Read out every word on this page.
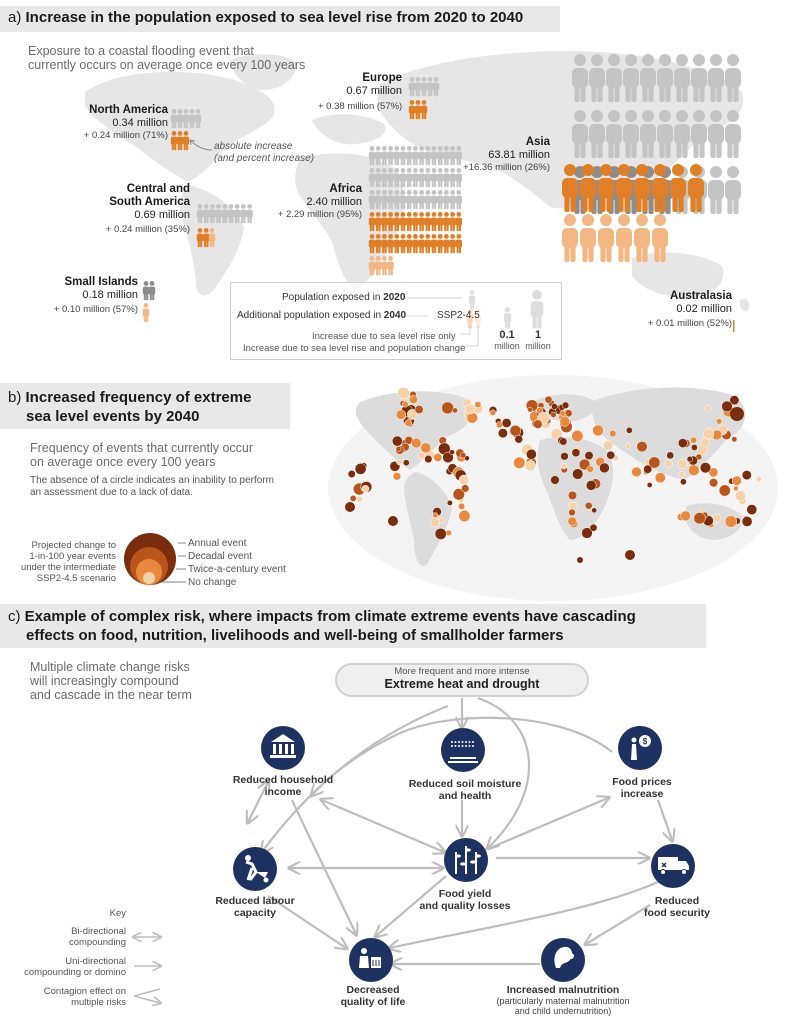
$
a) Increase in the population exposed to sea level rise from 2020 to 2040
Exposure to a coastal flooding event that
currently occurs on average once every 100 years
North America
0.34 million
+ 0.24 million (71%)
absolute increase
(and percent increase)
Europe
0.67 million
+ 0.38 million (57%)
Asia
63.81 million
+16.36 million (26%)
Central and
South America
0.69 million
+ 0.24 million (35%)
Africa
2.40 million
+ 2.29 million (95%)
Small Islands
0.18 million
+ 0.10 million (57%)
Australasia
0.02 million
+ 0.01 million (52%)
Population exposed in 2020
Additional population exposed in 2040	SSP2-4.5
Increase due to sea level rise only
Increase due to sea level rise and population change
0.1
million
1
million
b) Increased frequency of extreme
sea level events by 2040
Frequency of events that currently occur
on average once every 100 years
The absence of a circle indicates an inability to perform
an assessment due to a lack of data.
Projected change to
1-in-100 year events
under the intermediate
SSP2-4.5 scenario
Annual event
Decadal event
Twice-a-century event
No change
c) Example of complex risk, where impacts from climate extreme events have cascading
effects on food, nutrition, livelihoods and well-being of smallholder farmers
Multiple climate change risks
will increasingly compound
and cascade in the near term
More frequent and more intense
Extreme heat and drought
Reduced household
income
Reduced soil moisture
and health
Food prices
increase
Reduced labour
capacity
Food yield
and quality losses	Reduced
food security
Decreased
quality of life
Increased malnutrition
(particularly maternal malnutrition
and child undernutrition)
Key
Bi-directional
compounding
Uni-directional
compounding or domino
Contagion effect on
multiple risks
